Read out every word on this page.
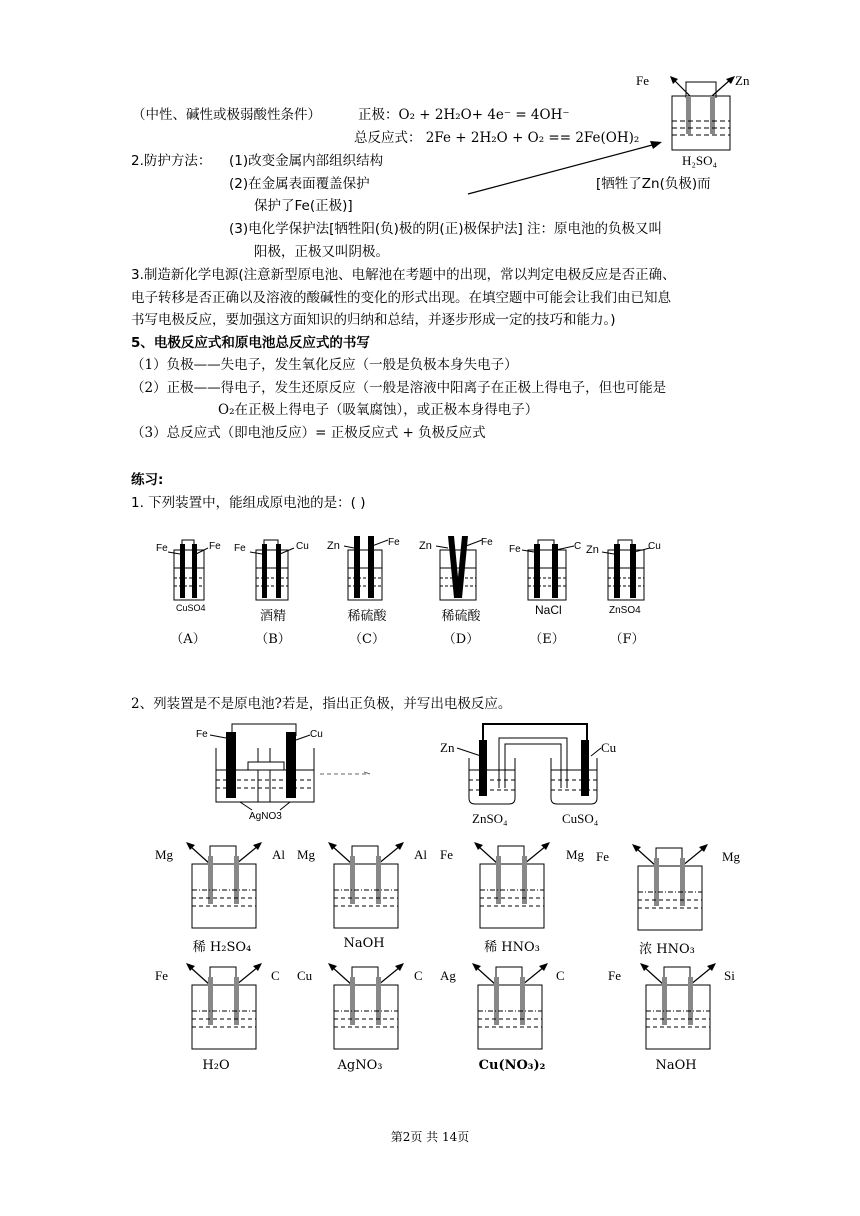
（中性、碱性或极弱酸性条件）	正极：O₂ + 2H₂O+ 4e⁻ = 4OH⁻
总反应式： 2Fe + 2H₂O + O₂ == 2Fe(OH)₂
Fe	Zn
H₂SO₄
2.防护方法： (1)改变金属内部组织结构
(2)在金属表面覆盖保护	[牺牲了Zn(负极)而
保护了Fe(正极)]
(3)电化学保护法[牺牲阳(负)极的阴(正)极保护法] 注：原电池的负极又叫
阳极，正极又叫阴极。
3.制造新化学电源(注意新型原电池、电解池在考题中的出现，常以判定电极反应是否正确、
电子转移是否正确以及溶液的酸碱性的变化的形式出现。在填空题中可能会让我们由已知息
书写电极反应，要加强这方面知识的归纳和总结，并逐步形成一定的技巧和能力。)
5、电极反应式和原电池总反应式的书写
（1）负极——失电子，发生氧化反应（一般是负极本身失电子）
（2）正极——得电子，发生还原反应（一般是溶液中阳离子在正极上得电子，但也可能是
O₂在正极上得电子（吸氧腐蚀），或正极本身得电子）
（3）总反应式（即电池反应）= 正极反应式 + 负极反应式
练习:
1. 下列装置中，能组成原电池的是：( )
Fe	Fe
CuSO4
（A）
Fe	Cu
酒精
（B）
Zn	Fe
稀硫酸
（C）
Zn	Fe
稀硫酸
（D）
Fe	C
NaCl
（E）
Zn	Cu
ZnSO4
（F）
2、列装置是不是原电池?若是，指出正负极，并写出电极反应。
Fe	Cu
AgNO3
Zn	Cu
ZnSO₄	CuSO₄
Mg	Al
稀 H₂SO₄
Mg	Al
NaOH
Fe	Mg
稀 HNO₃
Fe	Mg
浓 HNO₃
Fe	C
H₂O
Cu	C
AgNO₃
Ag	C
Cu(NO₃)₂
Fe	Si
NaOH
第2页 共 14页
